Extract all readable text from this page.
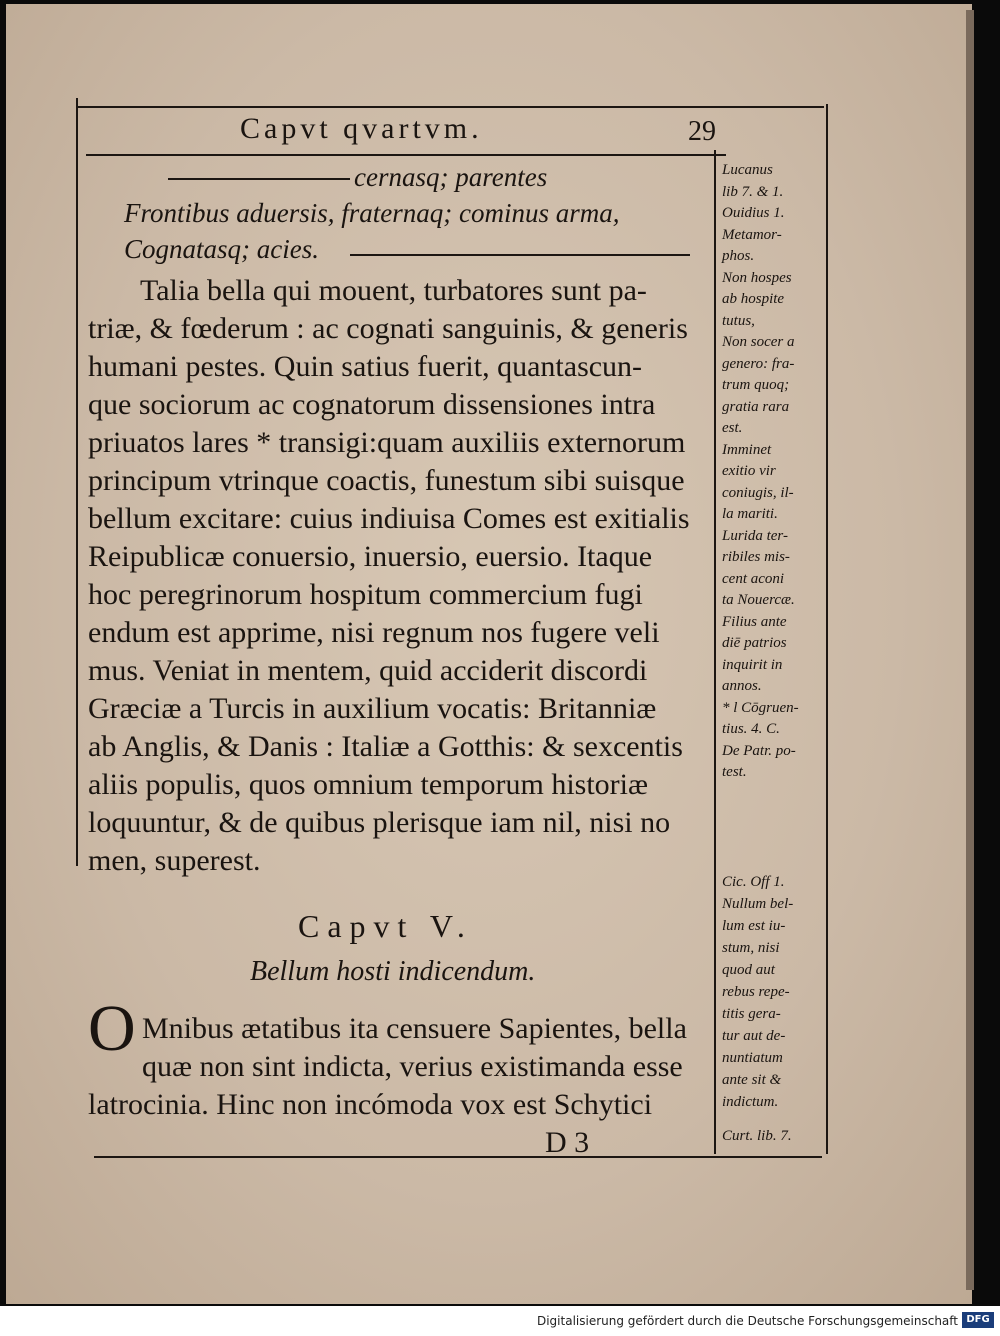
Capvt qvartvm.	29
cernasq; parentes
Frontibus aduersis, fraternaq; cominus arma,
Cognatasq; acies.
Talia bella qui mouent, turbatores sunt pa-
triæ, & fœderum : ac cognati sanguinis, & generis
humani pestes. Quin satius fuerit, quantascun-
que sociorum ac cognatorum dissensiones intra
priuatos lares * transigi:quam auxiliis externorum
principum vtrinque coactis, funestum sibi suisque
bellum excitare: cuius indiuisa Comes est exitialis
Reipublicæ conuersio, inuersio, euersio. Itaque
hoc peregrinorum hospitum commercium fugi
endum est apprime, nisi regnum nos fugere veli
mus. Veniat in mentem, quid acciderit discordi
Græciæ a Turcis in auxilium vocatis: Britanniæ
ab Anglis, & Danis : Italiæ a Gotthis: & sexcentis
aliis populis, quos omnium temporum historiæ
loquuntur, & de quibus plerisque iam nil, nisi no
men, superest.
Capvt V.
Bellum hosti indicendum.
O Mnibus ætatibus ita censuere Sapientes, bella
quæ non sint indicta, verius existimanda esse
latrocinia. Hinc non incómoda vox est Schytici
D 3
Lucanus
lib 7. & 1.
Ouidius 1.
Metamor-
phos.
Non hospes
ab hospite
tutus,
Non socer a
genero: fra-
trum quoq;
gratia rara
est.
Imminet
exitio vir
coniugis, il-
la mariti.
Lurida ter-
ribiles mis-
cent aconi
ta Nouercæ.
Filius ante
diē patrios
inquirit in
annos.
* l Cōgruen-
tius. 4. C.
De Patr. po-
test.
Cic. Off 1.
Nullum bel-
lum est iu-
stum, nisi
quod aut
rebus repe-
titis gera-
tur aut de-
nuntiatum
ante sit &
indictum.
Curt. lib. 7.
Digitalisierung gefördert durch die Deutsche Forschungsgemeinschaft DFG
